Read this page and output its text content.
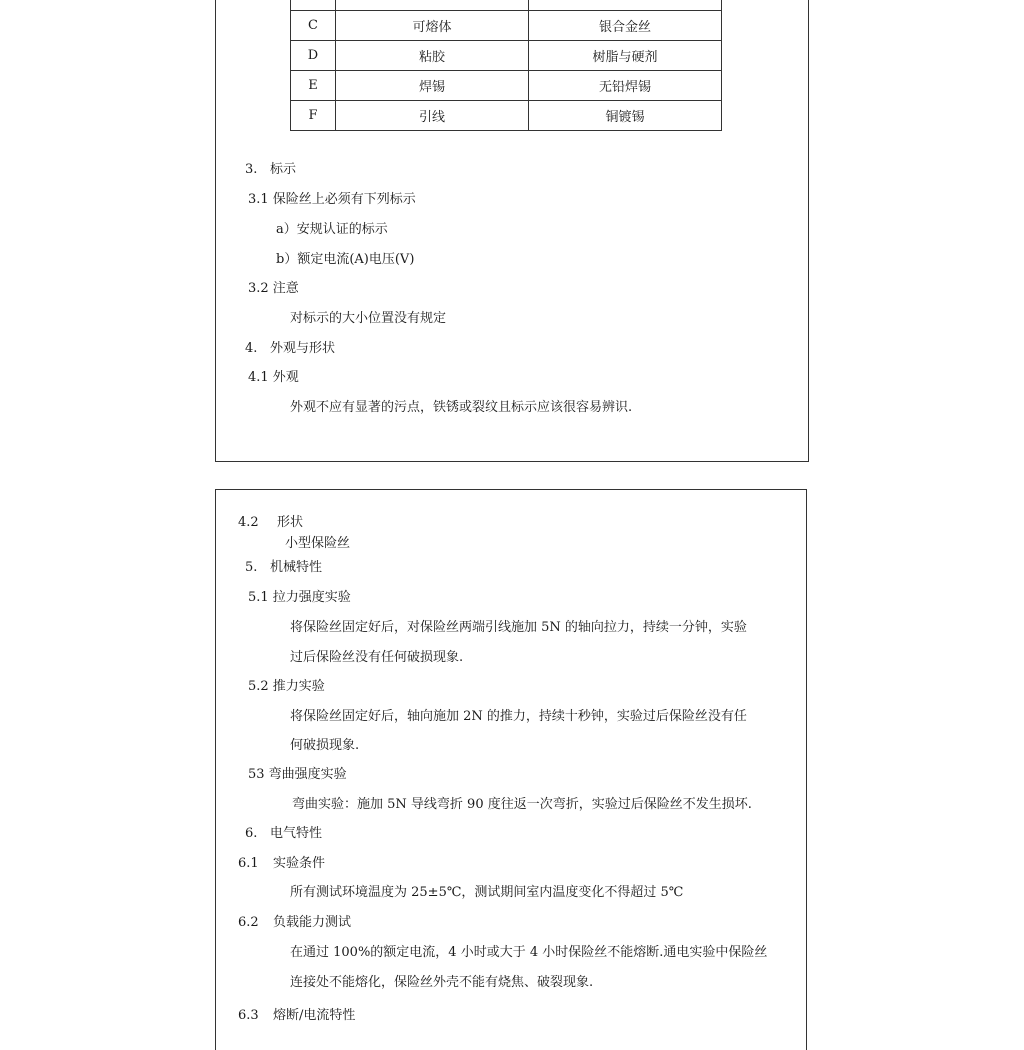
C	可熔体	银合金丝
D	粘胶	树脂与硬剂
E	焊锡	无铅焊锡
F	引线	铜镀锡
3. 标示
3.1 保险丝上必须有下列标示
a）安规认证的标示
b）额定电流(A)电压(V)
3.2 注意
对标示的大小位置没有规定
4. 外观与形状
4.1 外观
外观不应有显著的污点，铁锈或裂纹且标示应该很容易辨识.
4.2 形状
小型保险丝
5. 机械特性
5.1 拉力强度实验
将保险丝固定好后，对保险丝两端引线施加 5N 的轴向拉力，持续一分钟，实验
过后保险丝没有任何破损现象.
5.2 推力实验
将保险丝固定好后，轴向施加 2N 的推力，持续十秒钟，实验过后保险丝没有任
何破损现象.
53 弯曲强度实验
弯曲实验：施加 5N 导线弯折 90 度往返一次弯折，实验过后保险丝不发生损坏.
6. 电气特性
6.1 实验条件
所有测试环境温度为 25±5℃，测试期间室内温度变化不得超过 5℃
6.2 负载能力测试
在通过 100%的额定电流，4 小时或大于 4 小时保险丝不能熔断.通电实验中保险丝
连接处不能熔化，保险丝外壳不能有烧焦、破裂现象.
6.3 熔断/电流特性
